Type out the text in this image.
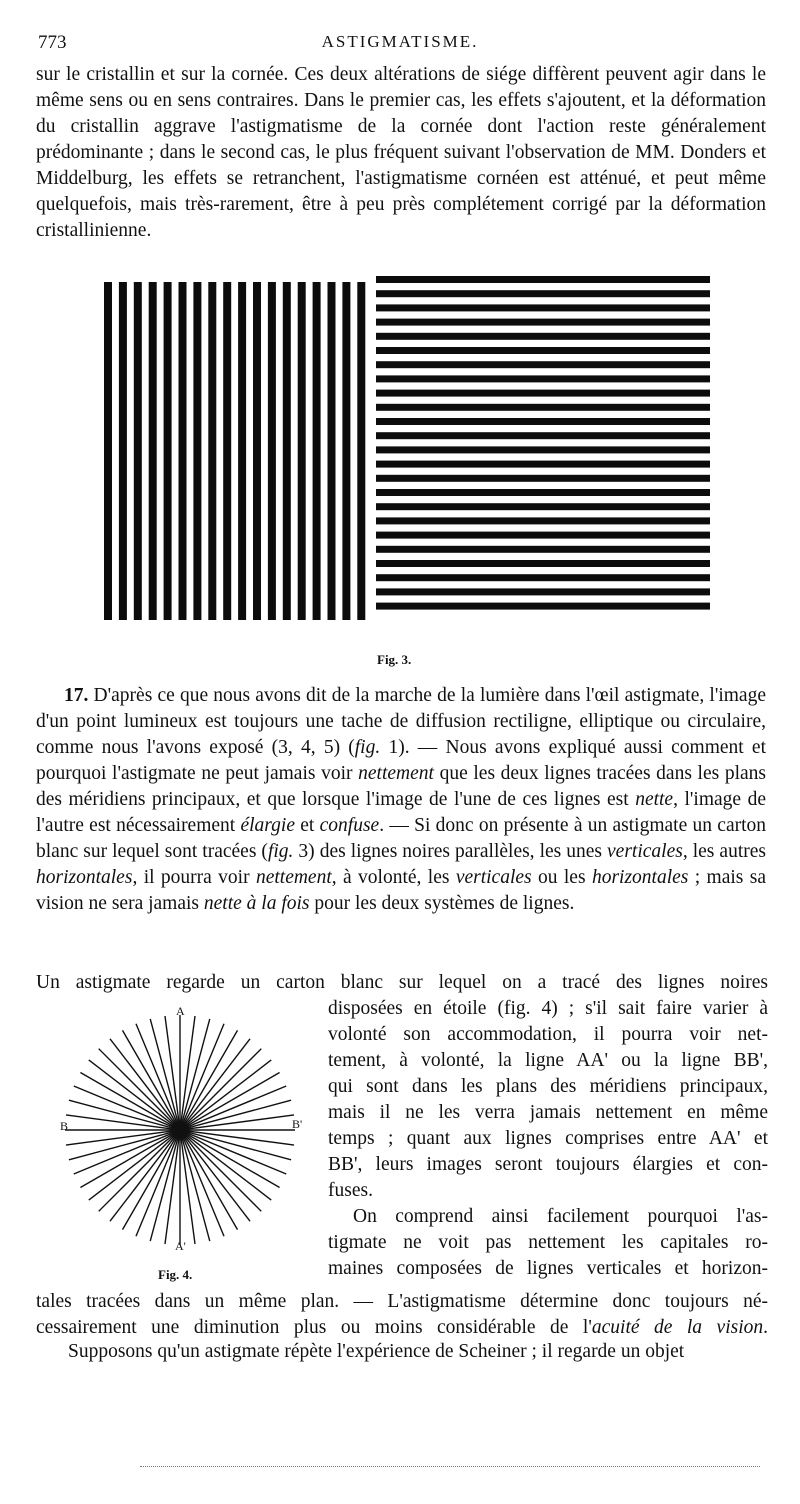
773	ASTIGMATISME.

sur le cristallin et sur la cornée. Ces deux altérations de siége diffèrent peuvent agir dans le même sens ou en sens contraires. Dans le premier cas, les effets s'ajoutent, et la déformation du cristallin aggrave l'astigmatisme de la cornée dont l'action reste généralement prédominante ; dans le second cas, le plus fréquent suivant l'observation de MM. Donders et Middelburg, les effets se retranchent, l'astigmatisme cornéen est atténué, et peut même quelquefois, mais très-rarement, être à peu près complétement corrigé par la déformation cristallinienne.

Fig. 3.

17. D'après ce que nous avons dit de la marche de la lumière dans l'œil astigmate, l'image d'un point lumineux est toujours une tache de diffusion rectiligne, elliptique ou circulaire, comme nous l'avons exposé (3, 4, 5) (fig. 1). — Nous avons expliqué aussi comment et pourquoi l'astigmate ne peut jamais voir nettement que les deux lignes tracées dans les plans des méridiens principaux, et que lorsque l'image de l'une de ces lignes est nette, l'image de l'autre est nécessairement élargie et confuse. — Si donc on présente à un astigmate un carton blanc sur lequel sont tracées (fig. 3) des lignes noires parallèles, les unes verticales, les autres horizontales, il pourra voir nettement, à volonté, les verticales ou les horizontales ; mais sa vision ne sera jamais nette à la fois pour les deux systèmes de lignes.

Un astigmate regarde un carton blanc sur lequel on a tracé des lignes noires
disposées en étoile (fig. 4) ; s'il sait faire varier à
volonté son accommodation, il pourra voir net-
tement, à volonté, la ligne AA' ou la ligne BB',
qui sont dans les plans des méridiens principaux,
mais il ne les verra jamais nettement en même
temps ; quant aux lignes comprises entre AA' et
BB', leurs images seront toujours élargies et con-
fuses.
On comprend ainsi facilement pourquoi l'as-
tigmate ne voit pas nettement les capitales ro-
maines composées de lignes verticales et horizon-
A
B	B'
A'
Fig. 4.

tales tracées dans un même plan. — L'astigmatisme détermine donc toujours né-
cessairement une diminution plus ou moins considérable de l'acuité de la vision.

Supposons qu'un astigmate répète l'expérience de Scheiner ; il regarde un objet
